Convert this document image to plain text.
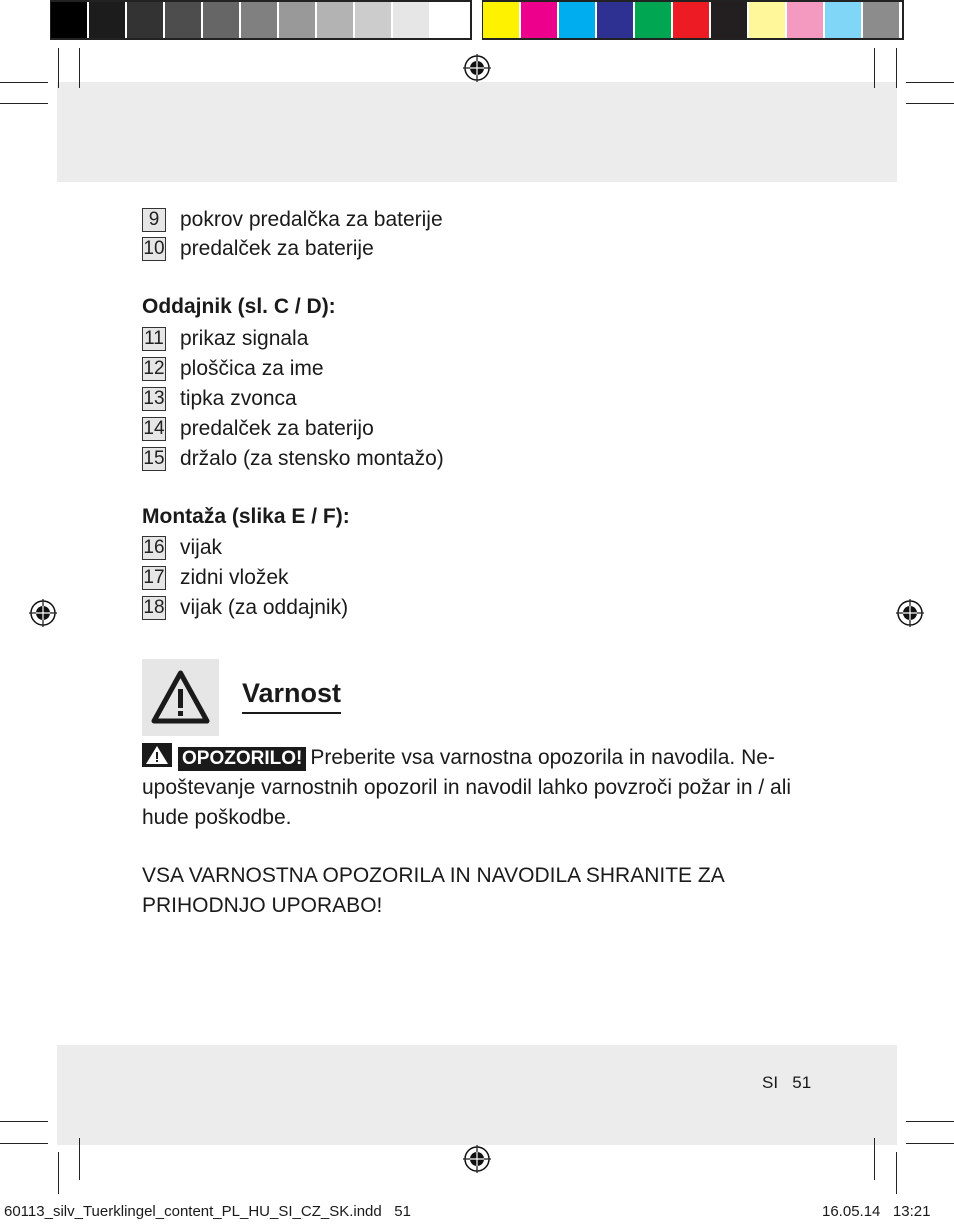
9 pokrov predalčka za baterije
10 predalček za baterije
Oddajnik (sl. C / D):
11 prikaz signala
12 ploščica za ime
13 tipka zvonca
14 predalček za baterijo
15 držalo (za stensko montažo)
Montaža (slika E / F):
16 vijak
17 zidni vložek
18 vijak (za oddajnik)
Varnost
OPOZORILO! Preberite vsa varnostna opozorila in navodila. Ne-
upoštevanje varnostnih opozoril in navodil lahko povzroči požar in / ali
hude poškodbe.
VSA VARNOSTNA OPOZORILA IN NAVODILA SHRANITE ZA
PRIHODNJO UPORABO!
SI 51
60113_silv_Tuerklingel_content_PL_HU_SI_CZ_SK.indd   51	16.05.14   13:21
